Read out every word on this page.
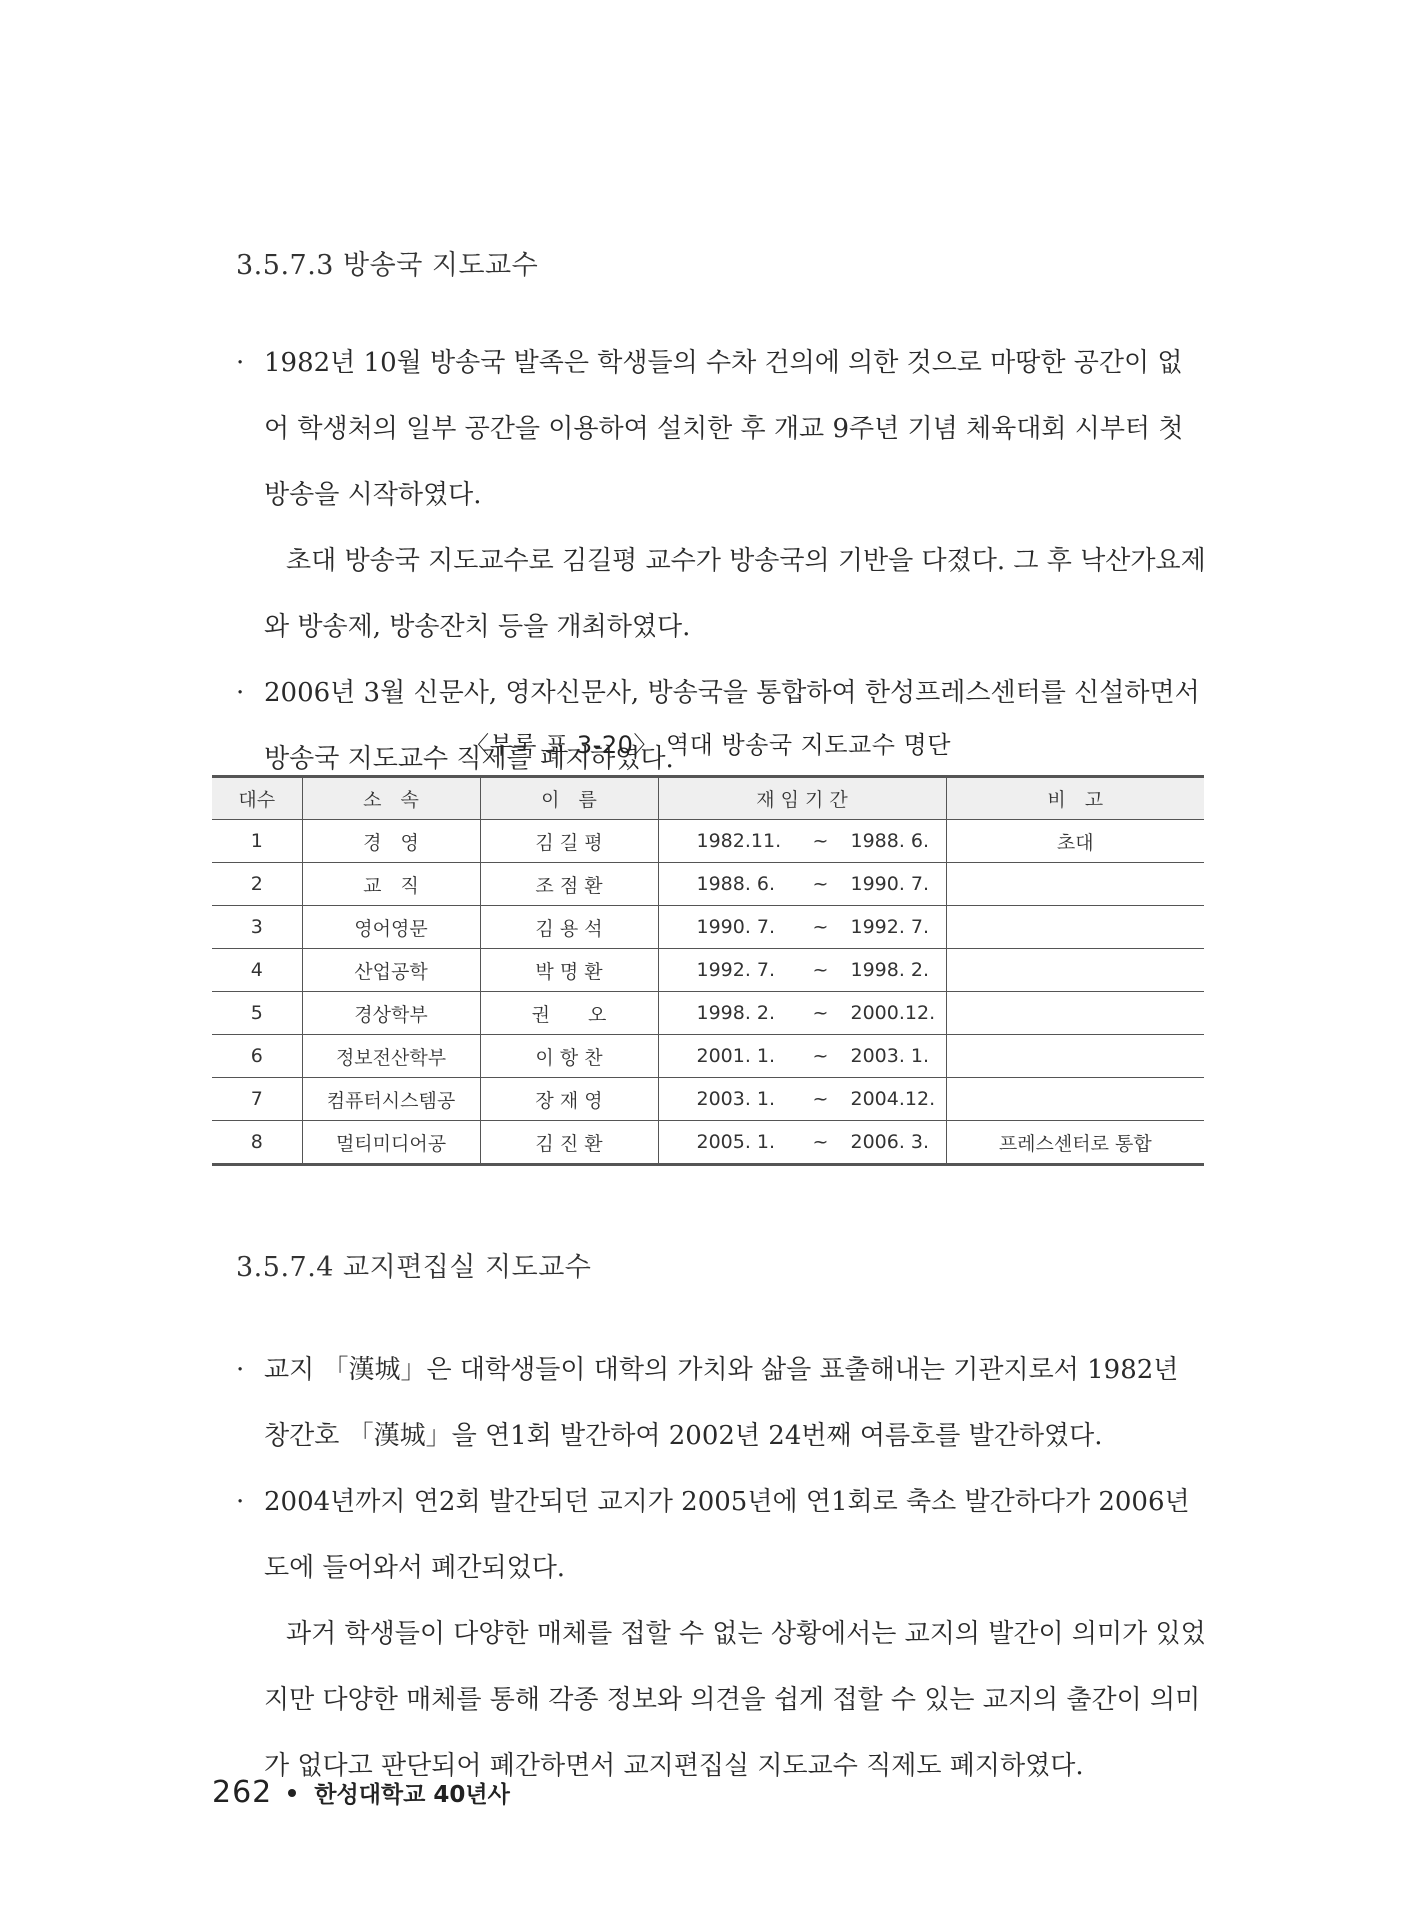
3.5.7.3 방송국 지도교수
· 1982년 10월 방송국 발족은 학생들의 수차 건의에 의한 것으로 마땅한 공간이 없어 학생처의 일부 공간을 이용하여 설치한 후 개교 9주년 기념 체육대회 시부터 첫 방송을 시작하였다.
초대 방송국 지도교수로 김길평 교수가 방송국의 기반을 다졌다. 그 후 낙산가요제와 방송제, 방송잔치 등을 개최하였다.
· 2006년 3월 신문사, 영자신문사, 방송국을 통합하여 한성프레스센터를 신설하면서 방송국 지도교수 직제를 폐지하였다.
〈부록 표 3-20〉 역대 방송국 지도교수 명단
대수	소　속	이　름	재 임 기 간	비　고
1	경　영	김 길 평	1982.11. ~ 1988. 6.	초대
2	교　직	조 점 환	1988. 6. ~ 1990. 7.	

3	영어영문	김 용 석	1990. 7. ~ 1992. 7.	

4	산업공학	박 명 환	1992. 7. ~ 1998. 2.	

5	경상학부	권　　오	1998. 2. ~ 2000.12.	

6	정보전산학부	이 항 찬	2001. 1. ~ 2003. 1.	

7	컴퓨터시스템공	장 재 영	2003. 1. ~ 2004.12.	

8	멀티미디어공	김 진 환	2005. 1. ~ 2006. 3.	프레스센터로 통합
3.5.7.4 교지편집실 지도교수
· 교지 「漢城」은 대학생들이 대학의 가치와 삶을 표출해내는 기관지로서 1982년 창간호 「漢城」을 연1회 발간하여 2002년 24번째 여름호를 발간하였다.
· 2004년까지 연2회 발간되던 교지가 2005년에 연1회로 축소 발간하다가 2006년도에 들어와서 폐간되었다.
과거 학생들이 다양한 매체를 접할 수 없는 상황에서는 교지의 발간이 의미가 있었지만 다양한 매체를 통해 각종 정보와 의견을 쉽게 접할 수 있는 교지의 출간이 의미가 없다고 판단되어 폐간하면서 교지편집실 지도교수 직제도 폐지하였다.
262 한성대학교 40년사
